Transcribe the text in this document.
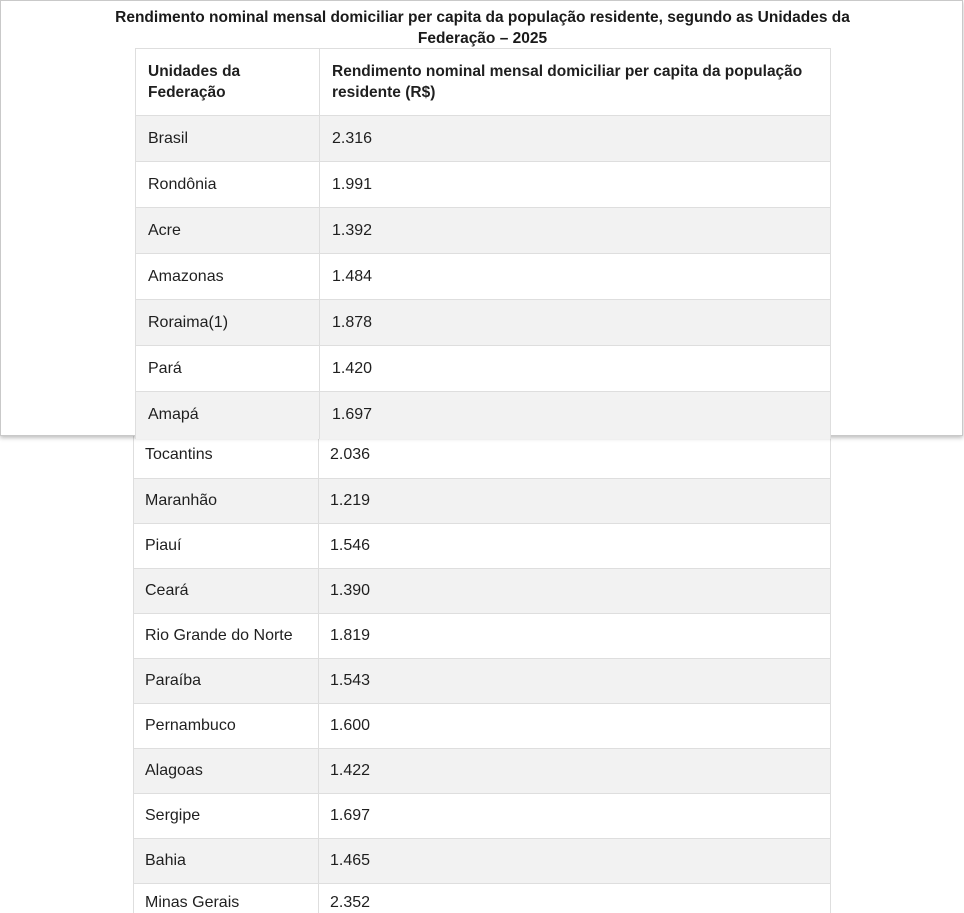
Tocantins	2.036
Maranhão	1.219
Piauí	1.546
Ceará	1.390
Rio Grande do Norte	1.819
Paraíba	1.543
Pernambuco	1.600
Alagoas	1.422
Sergipe	1.697
Bahia	1.465
Minas Gerais	2.352
Rendimento nominal mensal domiciliar per capita da população residente, segundo as Unidades da Federação – 2025
Unidades da Federação	Rendimento nominal mensal domiciliar per capita da população residente (R$)
Brasil	2.316
Rondônia	1.991
Acre	1.392
Amazonas	1.484
Roraima(1)	1.878
Pará	1.420
Amapá	1.697
